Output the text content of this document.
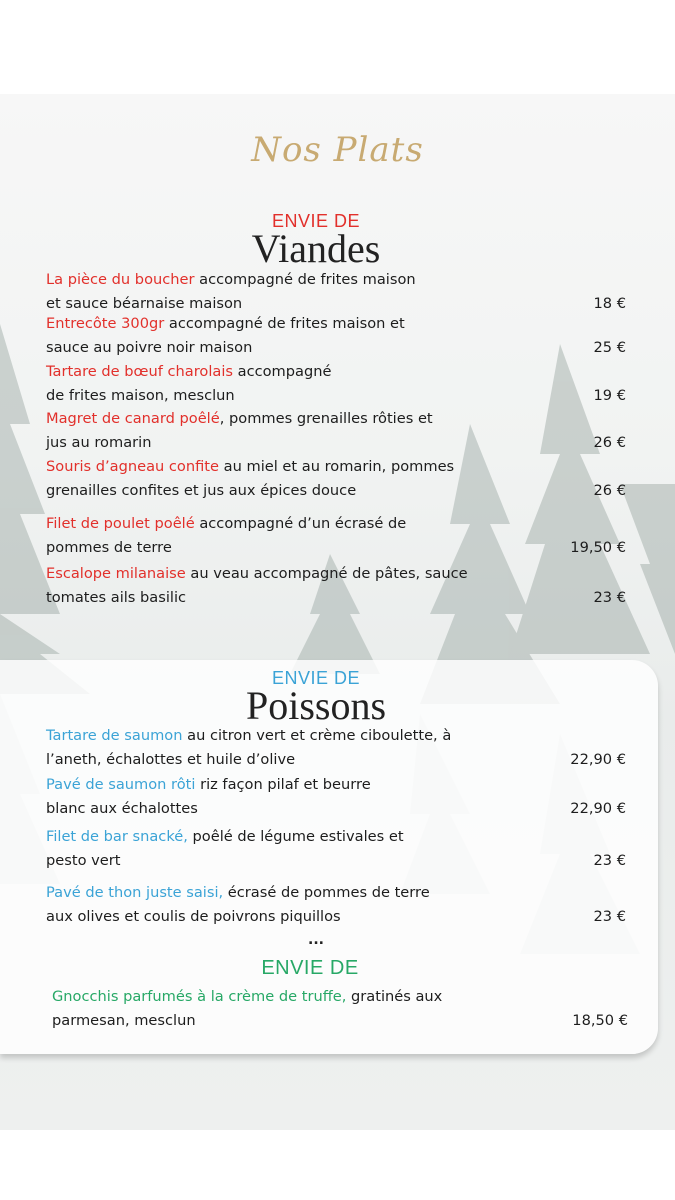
Nos Plats
ENVIE DE
Viandes
La pièce du boucher accompagné de frites maison
et sauce béarnaise maison	18 €
Entrecôte 300gr accompagné de frites maison et
sauce au poivre noir maison	25 €
Tartare de bœuf charolais accompagné
de frites maison, mesclun	19 €
Magret de canard poêlé, pommes grenailles rôties et
jus au romarin	26 €
Souris d’agneau confite au miel et au romarin, pommes
grenailles confites et jus aux épices douce	26 €
Filet de poulet poêlé accompagné d’un écrasé de
pommes de terre	19,50 €
Escalope milanaise au veau accompagné de pâtes, sauce
tomates ails basilic	23 €
ENVIE DE
Poissons
Tartare de saumon au citron vert et crème ciboulette, à
l’aneth, échalottes et huile d’olive	22,90 €
Pavé de saumon rôti riz façon pilaf et beurre
blanc aux échalottes	22,90 €
Filet de bar snacké, poêlé de légume estivales et
pesto vert	23 €
Pavé de thon juste saisi, écrasé de pommes de terre
aux olives et coulis de poivrons piquillos	23 €
...
ENVIE DE
Gnocchis parfumés à la crème de truffe, gratinés aux
parmesan, mesclun	18,50 €
